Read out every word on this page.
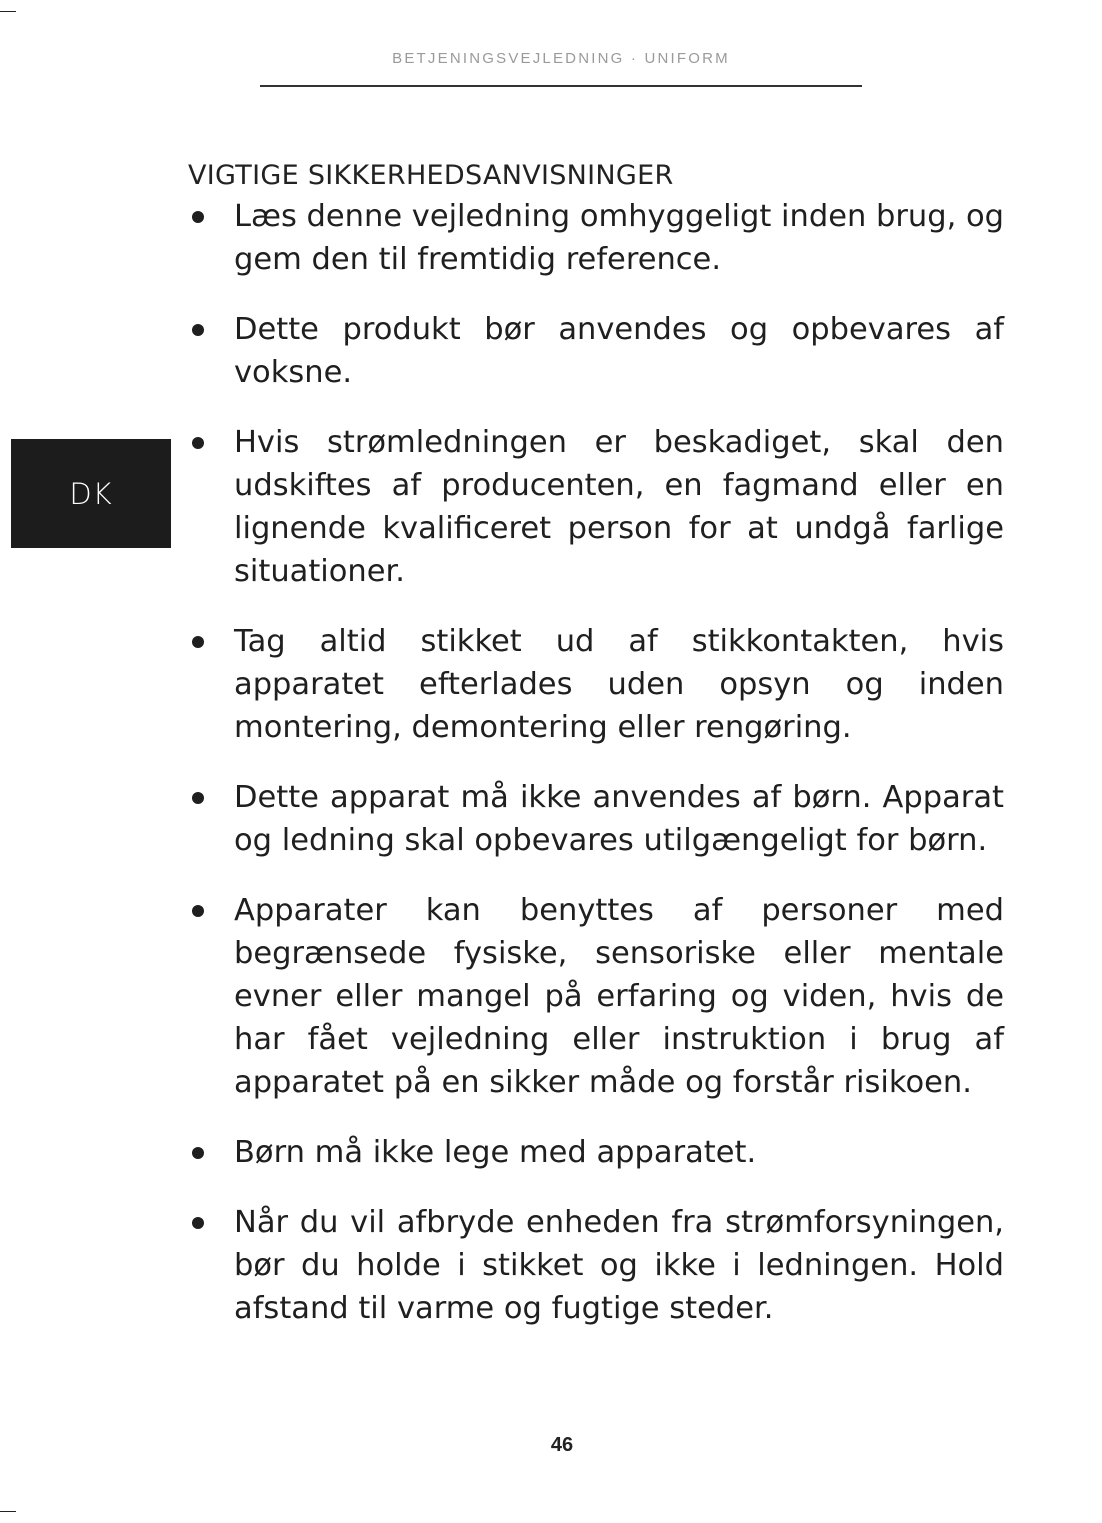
BETJENINGSVEJLEDNING · UNIFORM
DK
VIGTIGE SIKKERHEDSANVISNINGER
Læs denne vejledning omhyggeligt inden brug, og gem den til fremtidig reference.
Dette produkt bør anvendes og opbevares af voksne.
Hvis strømledningen er beskadiget, skal den udskiftes af producenten, en fagmand eller en lignende kvalificeret person for at undgå farlige situationer.
Tag altid stikket ud af stikkontakten, hvis apparatet efterlades uden opsyn og inden montering, demontering eller rengøring.
Dette apparat må ikke anvendes af børn. Apparat og ledning skal opbevares utilgængeligt for børn.
Apparater kan benyttes af personer med begrænsede fysiske, sensoriske eller mentale evner eller mangel på erfaring og viden, hvis de har fået vejledning eller instruktion i brug af apparatet på en sikker måde og forstår risikoen.
Børn må ikke lege med apparatet.
Når du vil afbryde enheden fra strømforsyningen, bør du holde i stikket og ikke i ledningen. Hold afstand til varme og fugtige steder.
46
